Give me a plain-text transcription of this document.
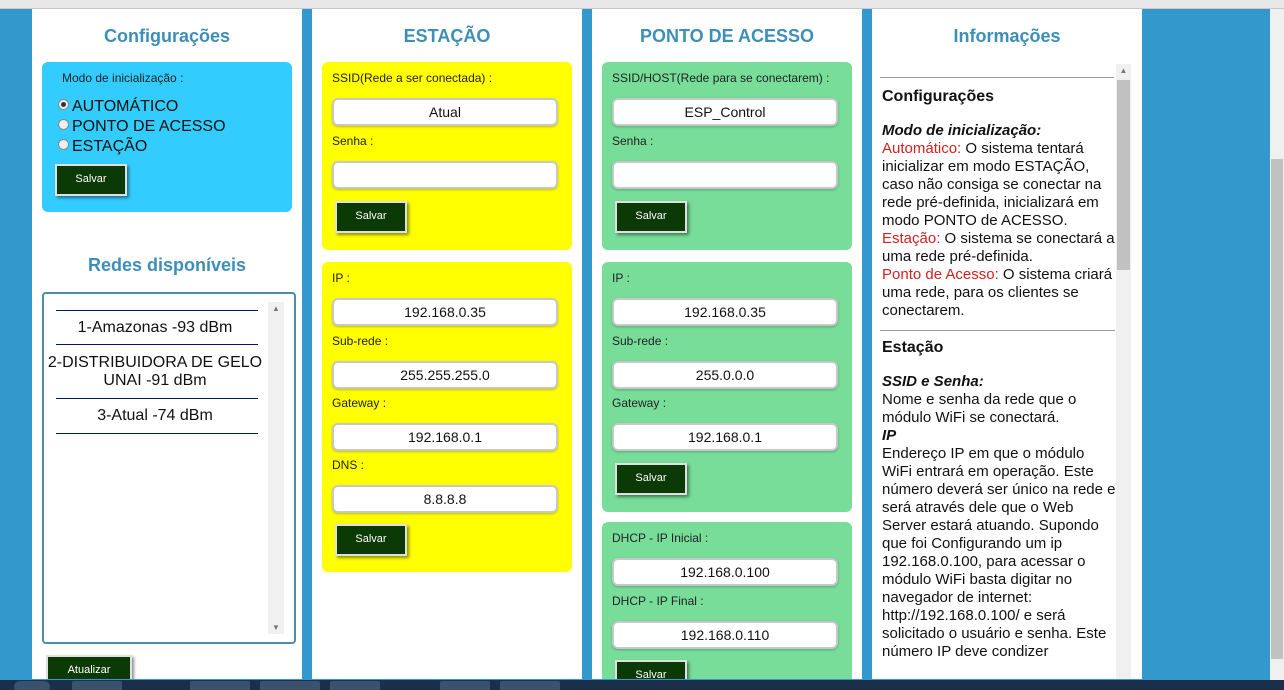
Configurações
Modo de inicialização :
AUTOMÁTICO
PONTO DE ACESSO
ESTAÇÃO
Salvar
Redes disponíveis
1-Amazonas -93 dBm
2-DISTRIBUIDORA DE GELO UNAI -91 dBm
3-Atual -74 dBm
▲
▼
Atualizar
ESTAÇÃO
SSID(Rede a ser conectada) :
Atual
Senha :
Salvar
IP :
192.168.0.35
Sub-rede :
255.255.255.0
Gateway :
192.168.0.1
DNS :
8.8.8.8
Salvar
PONTO DE ACESSO
SSID/HOST(Rede para se conectarem) :
ESP_Control
Senha :
Salvar
IP :
192.168.0.35
Sub-rede :
255.0.0.0
Gateway :
192.168.0.1
Salvar
DHCP - IP Inicial :
192.168.0.100
DHCP - IP Final :
192.168.0.110
Salvar
Informações
▲
Configurações
Modo de inicialização:
Automático: O sistema tentará inicializar em modo ESTAÇÃO, caso não consiga se conectar na rede pré-definida, inicializará em modo PONTO de ACESSO.
Estação: O sistema se conectará a uma rede pré-definida.
Ponto de Acesso: O sistema criará uma rede, para os clientes se conectarem.
Estação
SSID e Senha:
Nome e senha da rede que o módulo WiFi se conectará.
IP
Endereço IP em que o módulo WiFi entrará em operação. Este número deverá ser único na rede e será através dele que o Web Server estará atuando. Supondo que foi Configurando um ip 192.168.0.100, para acessar o módulo WiFi basta digitar no navegador de internet: http://192.168.0.100/ e será solicitado o usuário e senha. Este número IP deve condizer
